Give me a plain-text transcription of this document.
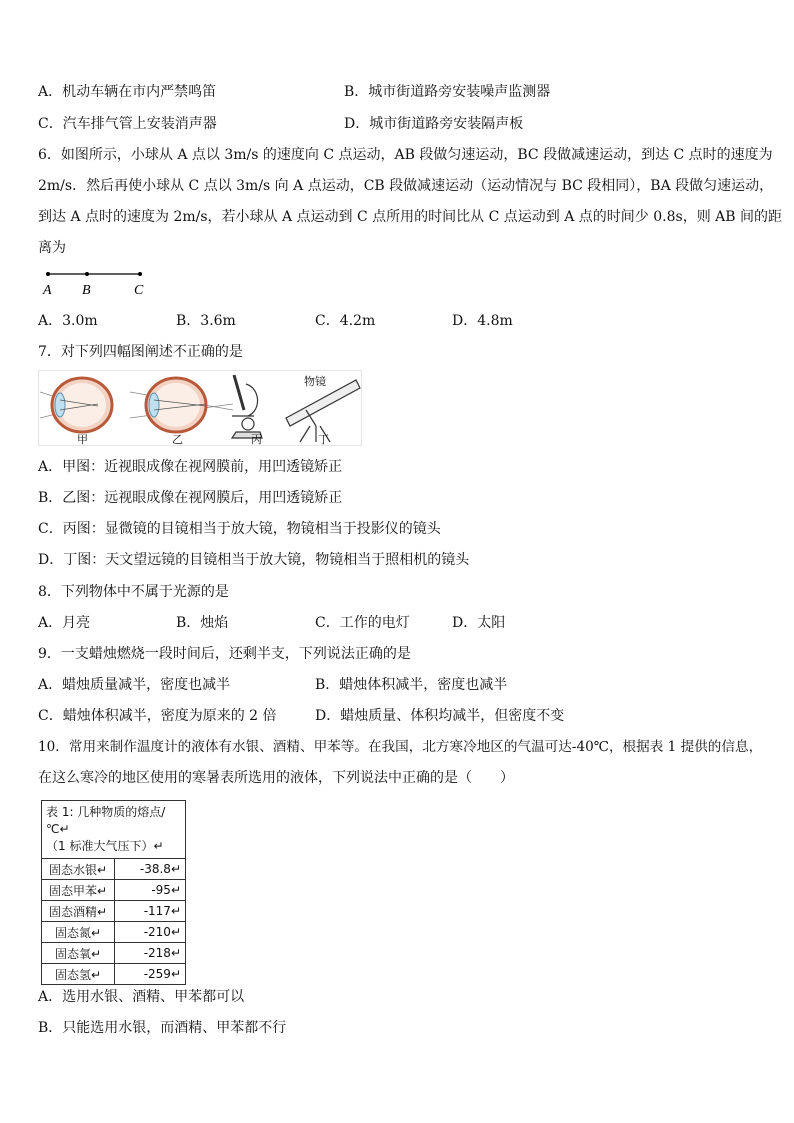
A．机动车辆在市内严禁鸣笛	B．城市街道路旁安装噪声监测器
C．汽车排气管上安装消声器	D．城市街道路旁安装隔声板
6．如图所示，小球从 A 点以 3m/s 的速度向 C 点运动，AB 段做匀速运动，BC 段做减速运动，到达 C 点时的速度为
2m/s．然后再使小球从 C 点以 3m/s 向 A 点运动，CB 段做减速运动（运动情况与 BC 段相同），BA 段做匀速运动，
到达 A 点时的速度为 2m/s，若小球从 A 点运动到 C 点所用的时间比从 C 点运动到 A 点的时间少 0.8s，则 AB 间的距
离为
A B	C
A．3.0m	B．3.6m	C．4.2m	D．4.8m
7．对下列四幅图阐述不正确的是
物镜
甲	乙	丙	丁
A．甲图：近视眼成像在视网膜前，用凹透镜矫正
B．乙图：远视眼成像在视网膜后，用凹透镜矫正
C．丙图：显微镜的目镜相当于放大镜，物镜相当于投影仪的镜头
D．丁图：天文望远镜的目镜相当于放大镜，物镜相当于照相机的镜头
8．下列物体中不属于光源的是
A．月亮	B．烛焰	C．工作的电灯	D．太阳
9．一支蜡烛燃烧一段时间后，还剩半支，下列说法正确的是
A．蜡烛质量减半，密度也减半	B．蜡烛体积减半，密度也减半
C．蜡烛体积减半，密度为原来的 2 倍	D．蜡烛质量、体积均减半，但密度不变
10．常用来制作温度计的液体有水银、酒精、甲苯等。在我国，北方寒冷地区的气温可达-40℃，根据表 1 提供的信息，
在这么寒冷的地区使用的寒暑表所选用的液体，下列说法中正确的是（　　）
表 1: 几种物质的熔点/℃↵
（1 标准大气压下）↵	

固态水银↵	-38.8↵
固态甲苯↵	-95↵
固态酒精↵	-117↵
固态氮↵	-210↵
固态氧↵	-218↵
固态氢↵	-259↵
A．选用水银、酒精、甲苯都可以
B．只能选用水银，而酒精、甲苯都不行
